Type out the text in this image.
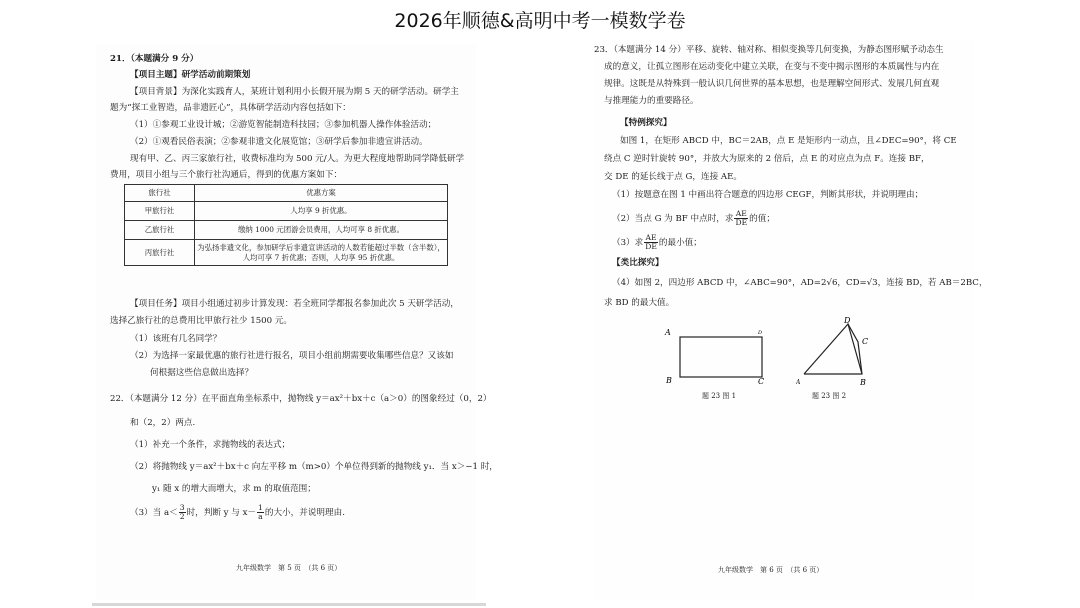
2026年顺德&高明中考一模数学卷
21．（本题满分 9 分）
【项目主题】研学活动前期策划
【项目背景】为深化实践育人，某班计划利用小长假开展为期 5 天的研学活动。研学主
题为“探工业智造，品非遗匠心”，具体研学活动内容包括如下：
（1）①参观工业设计城；②游览智能制造科技园；③参加机器人操作体验活动；
（2）①观看民俗表演；②参观非遗文化展览馆；③研学后参加非遗宣讲活动。
现有甲、乙、丙三家旅行社，收费标准均为 500 元/人。为更大程度地帮助同学降低研学
费用，项目小组与三个旅行社沟通后，得到的优惠方案如下：
旅行社	优惠方案
甲旅行社	人均享 9 折优惠。
乙旅行社	缴纳 1000 元团游会员费用，人均可享 8 折优惠。
丙旅行社	为弘扬非遗文化，参加研学后非遗宣讲活动的人数若能超过半数（含半数），
人均可享 7 折优惠；否则，人均享 95 折优惠。
【项目任务】项目小组通过初步计算发现：若全班同学都报名参加此次 5 天研学活动，
选择乙旅行社的总费用比甲旅行社少 1500 元。
（1）该班有几名同学？
（2）为选择一家最优惠的旅行社进行报名，项目小组前期需要收集哪些信息？又该如
何根据这些信息做出选择？
22．（本题满分 12 分）在平面直角坐标系中，抛物线 y＝ax²＋bx＋c（a＞0）的图象经过（0，2）
和（2，2）两点.
（1）补充一个条件，求抛物线的表达式；
（2）将抛物线 y＝ax²＋bx＋c 向左平移 m（m>0）个单位得到新的抛物线 y₁．当 x＞−1 时，
y₁ 随 x 的增大而增大，求 m 的取值范围；
（3）当 $a< \frac{3}{2}$ 时，判断 y 与 $x- \frac{1}{a}$ 的大小，并说明理由.
九年级数学　第 5 页　（共 6 页）
23．（本题满分 14 分）平移、旋转、轴对称、相似变换等几何变换，为静态图形赋予动态生
成的意义，让孤立图形在运动变化中建立关联，在变与不变中揭示图形的本质属性与内在
规律。这既是从特殊到一般认识几何世界的基本思想，也是理解空间形式、发展几何直观
与推理能力的重要路径。
【特例探究】
如图 1，在矩形 ABCD 中，BC＝2AB，点 E 是矩形内一动点，且∠DEC=90°，将 CE
绕点 C 逆时针旋转 90°，并放大为原来的 2 倍后，点 E 的对应点为点 F。连接 BF，
交 DE 的延长线于点 G，连接 AE。
（1）按题意在图 1 中画出符合题意的四边形 CEGF，判断其形状，并说明理由；
（2）当点 G 为 BF 中点时，求 $\frac{AE}{DE}$ 的值；
（3）求 $\frac{AE}{DE}$ 的最小值；
【类比探究】
（4）如图 2，四边形 ABCD 中，∠ABC=90°，AD=2√6，CD=√3，连接 BD，若 AB＝2BC，
求 BD 的最大值。
A	D
B	C
题 23 图 1
D
C
A	B
题 23 图 2
九年级数学　第 6 页　（共 6 页）
